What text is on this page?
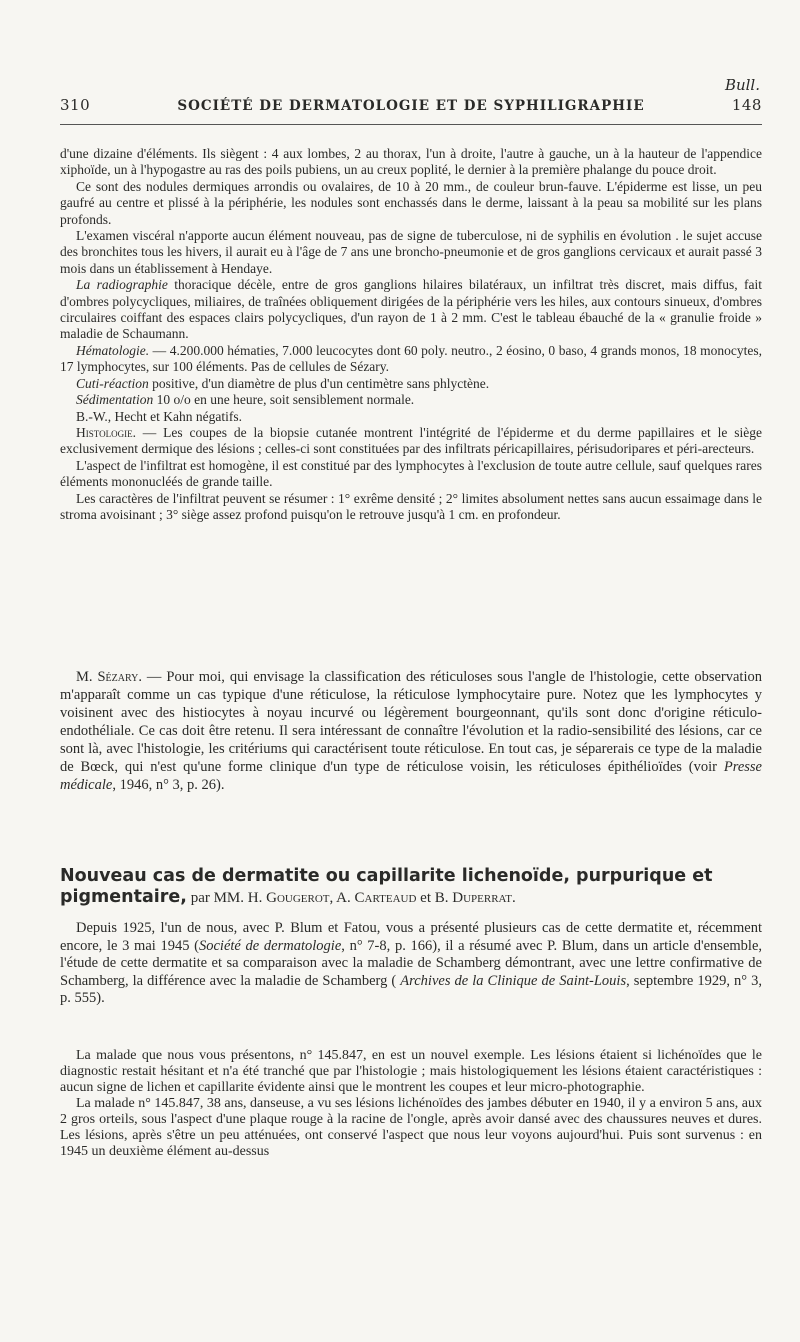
Bull.
310	SOCIÉTÉ DE DERMATOLOGIE ET DE SYPHILIGRAPHIE	148

d'une dizaine d'éléments. Ils siègent : 4 aux lombes, 2 au thorax, l'un à droite, l'autre à gauche, un à la hauteur de l'appendice xiphoïde, un à l'hypogastre au ras des poils pubiens, un au creux poplité, le dernier à la première phalange du pouce droit.

Ce sont des nodules dermiques arrondis ou ovalaires, de 10 à 20 mm., de couleur brun-fauve. L'épiderme est lisse, un peu gaufré au centre et plissé à la périphérie, les nodules sont enchassés dans le derme, laissant à la peau sa mobilité sur les plans profonds.

L'examen viscéral n'apporte aucun élément nouveau, pas de signe de tuberculose, ni de syphilis en évolution . le sujet accuse des bronchites tous les hivers, il aurait eu à l'âge de 7 ans une broncho-pneumonie et de gros ganglions cervicaux et aurait passé 3 mois dans un établissement à Hendaye.

La radiographie thoracique décèle, entre de gros ganglions hilaires bilatéraux, un infiltrat très discret, mais diffus, fait d'ombres polycycliques, miliaires, de traînées obliquement dirigées de la périphérie vers les hiles, aux contours sinueux, d'ombres circulaires coiffant des espaces clairs polycycliques, d'un rayon de 1 à 2 mm. C'est le tableau ébauché de la « granulie froide » maladie de Schaumann.

Hématologie. — 4.200.000 hématies, 7.000 leucocytes dont 60 poly. neutro., 2 éosino, 0 baso, 4 grands monos, 18 monocytes, 17 lymphocytes, sur 100 éléments. Pas de cellules de Sézary.

Cuti-réaction positive, d'un diamètre de plus d'un centimètre sans phlyctène.

Sédimentation 10 o/o en une heure, soit sensiblement normale.

B.-W., Hecht et Kahn négatifs.

Histologie. — Les coupes de la biopsie cutanée montrent l'intégrité de l'épiderme et du derme papillaires et le siège exclusivement dermique des lésions ; celles-ci sont constituées par des infiltrats péricapillaires, périsudoripares et péri-arecteurs.

L'aspect de l'infiltrat est homogène, il est constitué par des lymphocytes à l'exclusion de toute autre cellule, sauf quelques rares éléments mononucléés de grande taille.

Les caractères de l'infiltrat peuvent se résumer : 1° exrême densité ; 2° limites absolument nettes sans aucun essaimage dans le stroma avoisinant ; 3° siège assez profond puisqu'on le retrouve jusqu'à 1 cm. en profondeur.

M. Sézary. — Pour moi, qui envisage la classification des réticuloses sous l'angle de l'histologie, cette observation m'apparaît comme un cas typique d'une réticulose, la réticulose lymphocytaire pure. Notez que les lymphocytes y voisinent avec des histiocytes à noyau incurvé ou légèrement bourgeonnant, qu'ils sont donc d'origine réticulo-endothéliale. Ce cas doit être retenu. Il sera intéressant de connaître l'évolution et la radio-sensibilité des lésions, car ce sont là, avec l'histologie, les critériums qui caractérisent toute réticulose. En tout cas, je séparerais ce type de la maladie de Bœck, qui n'est qu'une forme clinique d'un type de réticulose voisin, les réticuloses épithélioïdes (voir Presse médicale, 1946, n° 3, p. 26).

Nouveau cas de dermatite ou capillarite lichenoïde, purpurique et pigmentaire, par MM. H. Gougerot, A. Carteaud et B. Duperrat.

Depuis 1925, l'un de nous, avec P. Blum et Fatou, vous a présenté plusieurs cas de cette dermatite et, récemment encore, le 3 mai 1945 (Société de dermatologie, n° 7-8, p. 166), il a résumé avec P. Blum, dans un article d'ensemble, l'étude de cette dermatite et sa comparaison avec la maladie de Schamberg démontrant, avec une lettre confirmative de Schamberg, la différence avec la maladie de Schamberg ( Archives de la Clinique de Saint-Louis, septembre 1929, n° 3, p. 555).

La malade que nous vous présentons, n° 145.847, en est un nouvel exemple. Les lésions étaient si lichénoïdes que le diagnostic restait hésitant et n'a été tranché que par l'histologie ; mais histologiquement les lésions étaient caractéristiques : aucun signe de lichen et capillarite évidente ainsi que le montrent les coupes et leur micro-photographie.

La malade n° 145.847, 38 ans, danseuse, a vu ses lésions lichénoïdes des jambes débuter en 1940, il y a environ 5 ans, aux 2 gros orteils, sous l'aspect d'une plaque rouge à la racine de l'ongle, après avoir dansé avec des chaussures neuves et dures. Les lésions, après s'être un peu atténuées, ont conservé l'aspect que nous leur voyons aujourd'hui. Puis sont survenus : en 1945 un deuxième élément au-dessus
